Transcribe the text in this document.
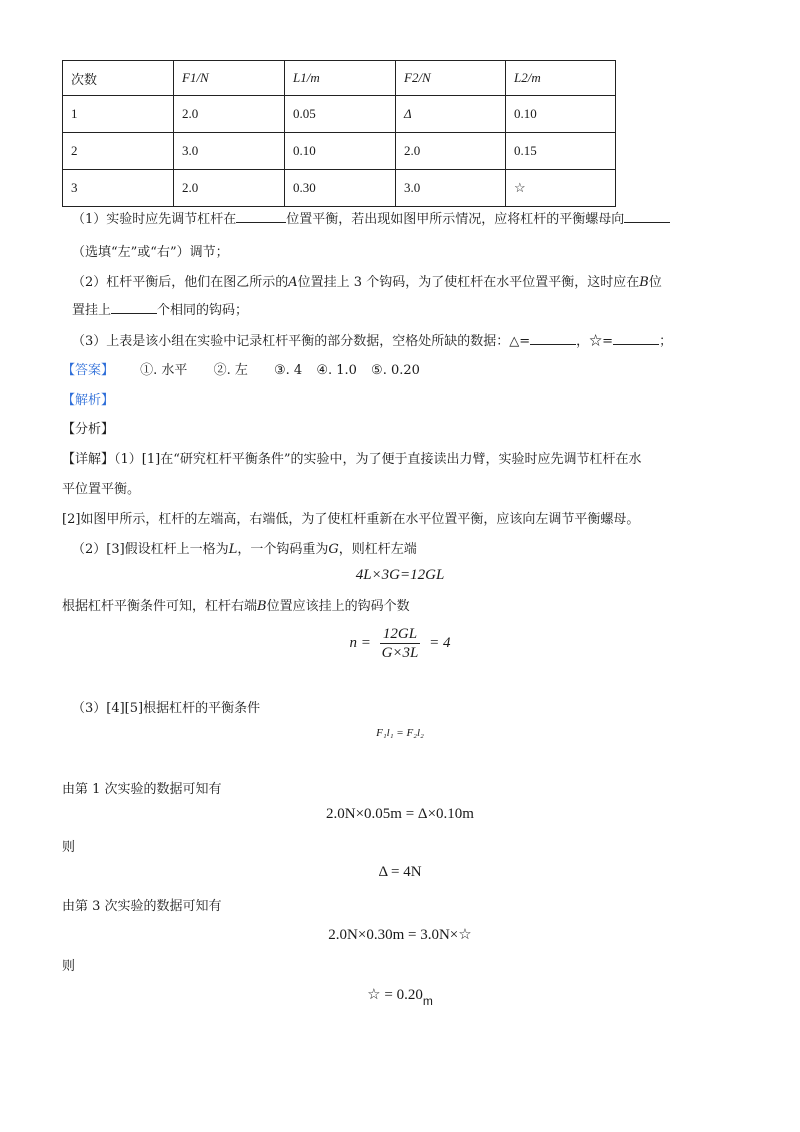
次数	F1/N	L1/m	F2/N	L2/m
1	2.0	0.05	Δ	0.10
2	3.0	0.10	2.0	0.15
3	2.0	0.30	3.0	☆
（1）实验时应先调节杠杆在	位置平衡，若出现如图甲所示情况，应将杠杆的平衡螺母向
（选填“左”或“右”）调节；
（2）杠杆平衡后，他们在图乙所示的A位置挂上 3 个钩码，为了使杠杆在水平位置平衡，这时应在B位
置挂上	个相同的钩码；
（3）上表是该小组在实验中记录杠杆平衡的部分数据，空格处所缺的数据：△=	，☆=	；
【答案】 ①. 水平 ②. 左 ③. 4 ④. 1.0 ⑤. 0.20
【解析】
【分析】
【详解】（1）[1]在“研究杠杆平衡条件”的实验中，为了便于直接读出力臂，实验时应先调节杠杆在水
平位置平衡。
[2]如图甲所示，杠杆的左端高，右端低，为了使杠杆重新在水平位置平衡，应该向左调节平衡螺母。
（2）[3]假设杠杆上一格为L，一个钩码重为G，则杠杆左端
4L×3G=12GL
根据杠杆平衡条件可知，杠杆右端B位置应该挂上的钩码个数
$n = \frac{12GL}{G\times 3L} = 4$
（3）[4][5]根据杠杆的平衡条件
F₁l₁ = F₂l₂
由第 1 次实验的数据可知有
2.0N×0.05m = Δ×0.10m
则
Δ = 4N
由第 3 次实验的数据可知有
2.0N×0.30m = 3.0N×☆
则
☆ = $0.20_m$
